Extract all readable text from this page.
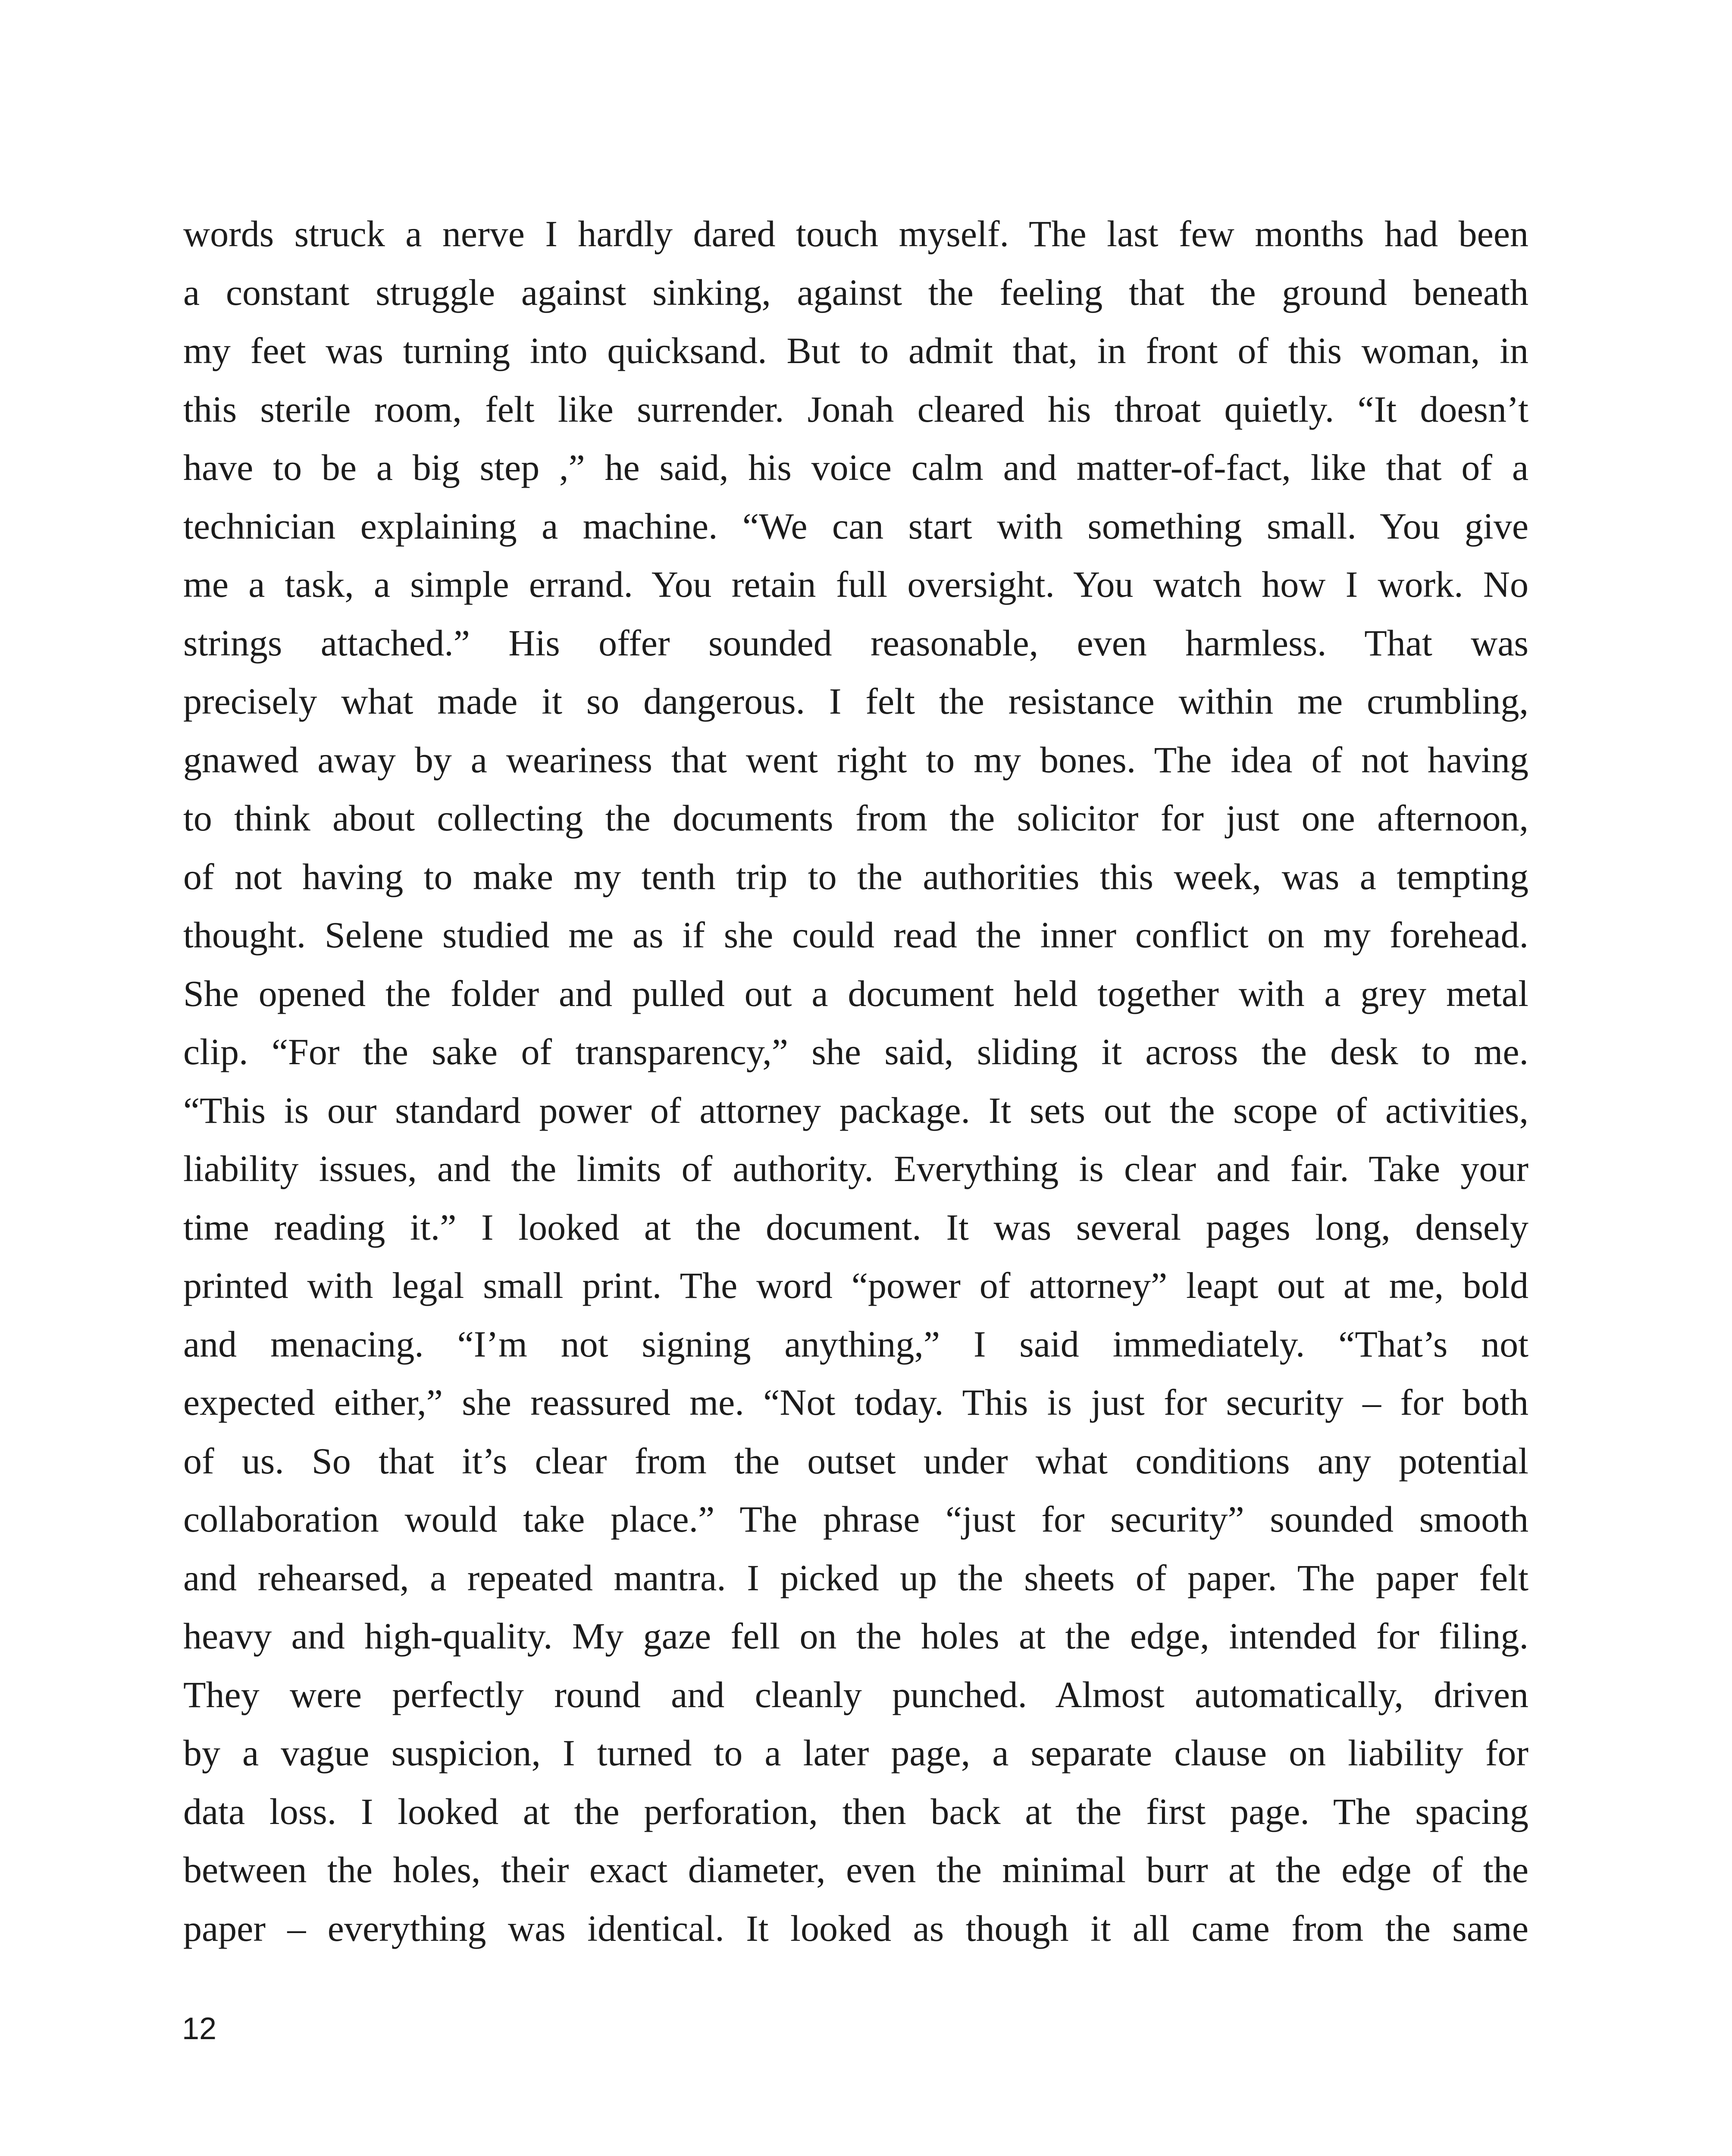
words struck a nerve I hardly dared touch myself. The last few months had been
a constant struggle against sinking, against the feeling that the ground beneath
my feet was turning into quicksand. But to admit that, in front of this woman, in
this sterile room, felt like surrender. Jonah cleared his throat quietly. “It doesn’t
have to be a big step ,” he said, his voice calm and matter-of-fact, like that of a
technician explaining a machine. “We can start with something small. You give
me a task, a simple errand. You retain full oversight. You watch how I work. No
strings attached.” His offer sounded reasonable, even harmless. That was
precisely what made it so dangerous. I felt the resistance within me crumbling,
gnawed away by a weariness that went right to my bones. The idea of not having
to think about collecting the documents from the solicitor for just one afternoon,
of not having to make my tenth trip to the authorities this week, was a tempting
thought. Selene studied me as if she could read the inner conflict on my forehead.
She opened the folder and pulled out a document held together with a grey metal
clip. “For the sake of transparency,” she said, sliding it across the desk to me.
“This is our standard power of attorney package. It sets out the scope of activities,
liability issues, and the limits of authority. Everything is clear and fair. Take your
time reading it.” I looked at the document. It was several pages long, densely
printed with legal small print. The word “power of attorney” leapt out at me, bold
and menacing. “I’m not signing anything,” I said immediately. “That’s not
expected either,” she reassured me. “Not today. This is just for security – for both
of us. So that it’s clear from the outset under what conditions any potential
collaboration would take place.” The phrase “just for security” sounded smooth
and rehearsed, a repeated mantra. I picked up the sheets of paper. The paper felt
heavy and high-quality. My gaze fell on the holes at the edge, intended for filing.
They were perfectly round and cleanly punched. Almost automatically, driven
by a vague suspicion, I turned to a later page, a separate clause on liability for
data loss. I looked at the perforation, then back at the first page. The spacing
between the holes, their exact diameter, even the minimal burr at the edge of the
paper – everything was identical. It looked as though it all came from the same
12
